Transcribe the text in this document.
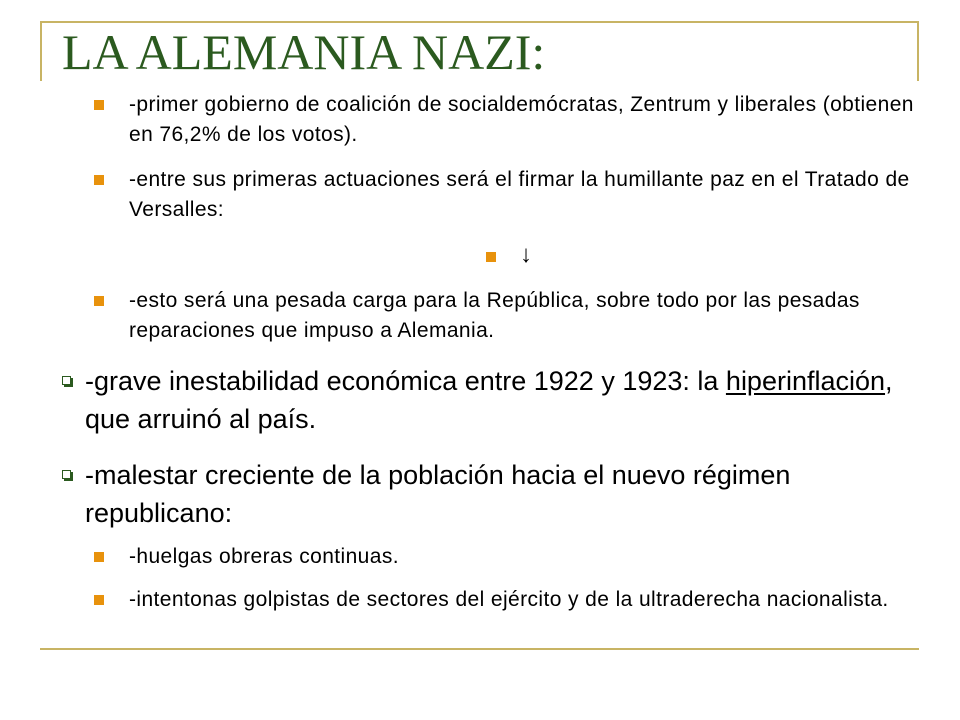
LA ALEMANIA NAZI:
-primer gobierno de coalición de socialdemócratas, Zentrum y liberales (obtienen en 76,2% de los votos).
-entre sus primeras actuaciones será el firmar la humillante paz en el Tratado de Versalles:
↓
-esto será una pesada carga para la República, sobre todo por las pesadas reparaciones que impuso a Alemania.
-grave inestabilidad económica entre 1922 y 1923: la hiperinflación, que arruinó al país.
-malestar creciente de la población hacia el nuevo régimen republicano:
-huelgas obreras continuas.
-intentonas golpistas de sectores del ejército y de la ultraderecha nacionalista.
